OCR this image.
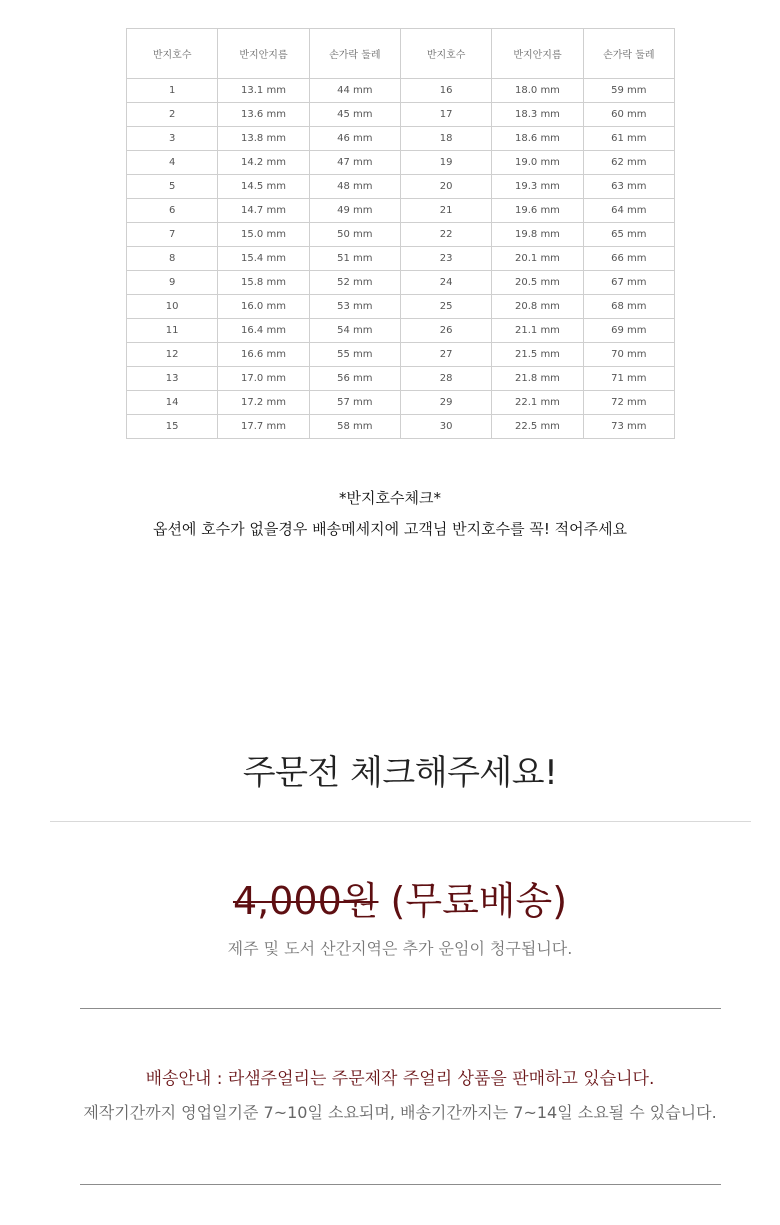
반지호수	반지안지름	손가락 둘레	반지호수	반지안지름	손가락 둘레
1	13.1 mm	44 mm	16	18.0 mm	59 mm
2	13.6 mm	45 mm	17	18.3 mm	60 mm
3	13.8 mm	46 mm	18	18.6 mm	61 mm
4	14.2 mm	47 mm	19	19.0 mm	62 mm
5	14.5 mm	48 mm	20	19.3 mm	63 mm
6	14.7 mm	49 mm	21	19.6 mm	64 mm
7	15.0 mm	50 mm	22	19.8 mm	65 mm
8	15.4 mm	51 mm	23	20.1 mm	66 mm
9	15.8 mm	52 mm	24	20.5 mm	67 mm
10	16.0 mm	53 mm	25	20.8 mm	68 mm
11	16.4 mm	54 mm	26	21.1 mm	69 mm
12	16.6 mm	55 mm	27	21.5 mm	70 mm
13	17.0 mm	56 mm	28	21.8 mm	71 mm
14	17.2 mm	57 mm	29	22.1 mm	72 mm
15	17.7 mm	58 mm	30	22.5 mm	73 mm
*반지호수체크*
옵션에 호수가 없을경우 배송메세지에 고객님 반지호수를 꼭! 적어주세요
주문전 체크해주세요!
4,000원 (무료배송)
제주 및 도서 산간지역은 추가 운임이 청구됩니다.
배송안내 : 라샘주얼리는 주문제작 주얼리 상품을 판매하고 있습니다.
제작기간까지 영업일기준 7~10일 소요되며, 배송기간까지는 7~14일 소요될 수 있습니다.
